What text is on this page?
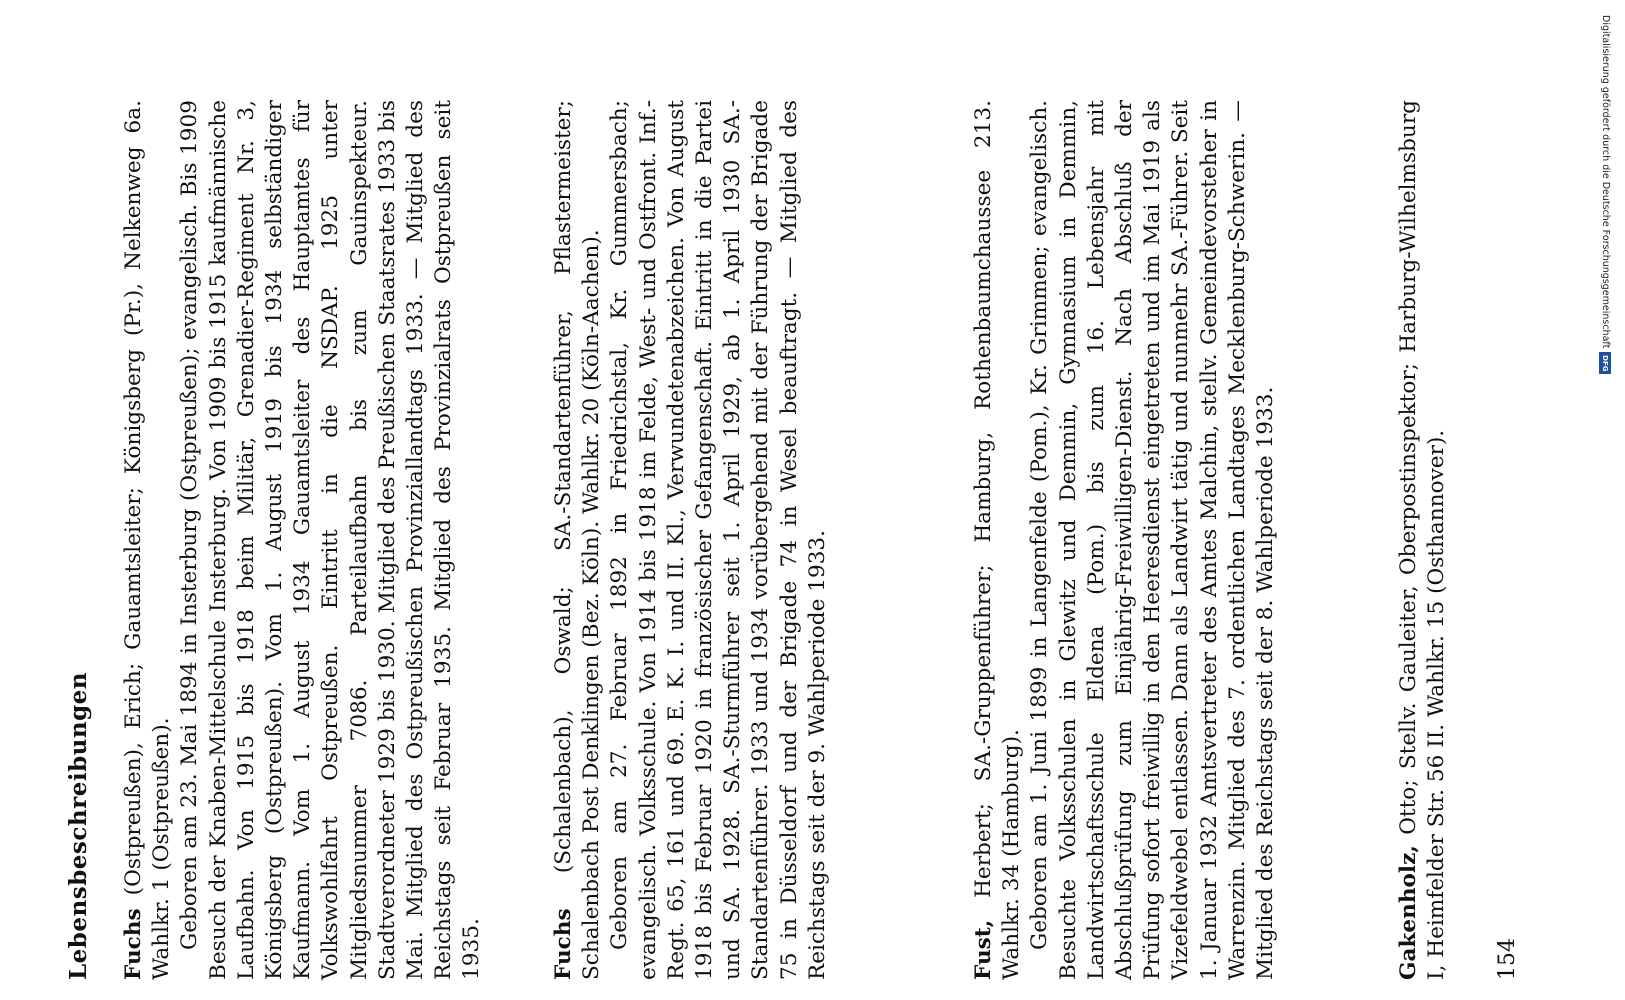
Lebensbeschreibungen Fuchs (Ostpreußen), Erich; Gauamtsleiter; Königsberg (Pr.), Nelkenweg 6a. Wahlkr. 1 (Ostpreußen). Geboren am 23. Mai 1894 in Insterburg (Ostpreußen); evangelisch. Bis 1909 Besuch der Knaben-Mittelschule Insterburg. Von 1909 bis 1915 kaufmännische Laufbahn. Von 1915 bis 1918 beim Militär, Grenadier-Regiment Nr. 3, Königsberg (Ostpreußen). Vom 1. August 1919 bis 1934 selbständiger Kaufmann. Vom 1. August 1934 Gauamtsleiter des Hauptamtes für Volkswohlfahrt Ostpreußen. Eintritt in die NSDAP. 1925 unter Mitgliedsnummer 7086. Parteilaufbahn bis zum Gauinspekteur. Stadtverordneter 1929 bis 1930. Mitglied des Preußischen Staatsrates 1933 bis Mai. Mitglied des Ostpreußischen Provinziallandtags 1933. — Mitglied des Reichstags seit Februar 1935. Mitglied des Provinzialrats Ostpreußen seit 1935.	Fuchs (Schalenbach), Oswald; SA.-Standartenführer, Pflastermeister; Schalenbach Post Denklingen (Bez. Köln). Wahlkr. 20 (Köln-Aachen). Geboren am 27. Februar 1892 in Friedrichstal, Kr. Gummersbach; evangelisch. Volksschule. Von 1914 bis 1918 im Felde, West- und Ostfront. Inf.-Regt. 65, 161 und 69. E. K. I. und II. Kl., Verwundetenabzeichen. Von August 1918 bis Februar 1920 in französischer Gefangenschaft. Eintritt in die Partei und SA. 1928. SA.-Sturmführer seit 1. April 1929, ab 1. April 1930 SA.-Standartenführer. 1933 und 1934 vorübergehend mit der Führung der Brigade 75 in Düsseldorf und der Brigade 74 in Wesel beauftragt. — Mitglied des Reichstags seit der 9. Wahlperiode 1933.	Fust, Herbert; SA.-Gruppenführer; Hamburg, Rothenbaumchaussee 213. Wahlkr. 34 (Hamburg). Geboren am 1. Juni 1899 in Langenfelde (Pom.), Kr. Grimmen; evangelisch. Besuchte Volksschulen in Glewitz und Demmin, Gymnasium in Demmin, Landwirtschaftsschule Eldena (Pom.) bis zum 16. Lebensjahr mit Abschlußprüfung zum Einjährig-Freiwilligen-Dienst. Nach Abschluß der Prüfung sofort freiwillig in den Heeresdienst eingetreten und im Mai 1919 als Vizefeldwebel entlassen. Dann als Landwirt tätig und nunmehr SA.-Führer. Seit 1. Januar 1932 Amtsvertreter des Amtes Malchin, stellv. Gemeindevorsteher in Warrenzin. Mitglied des 7. ordentlichen Landtages Mecklenburg-Schwerin. — Mitglied des Reichstags seit der 8. Wahlperiode 1933.	Gakenholz, Otto; Stellv. Gauleiter, Oberpostinspektor; Harburg-Wilhelmsburg I, Heimfelder Str. 56 II. Wahlkr. 15 (Osthannover). 154
Digitalisierung gefördert durch die Deutsche ForschungsgemeinschaftDFG
